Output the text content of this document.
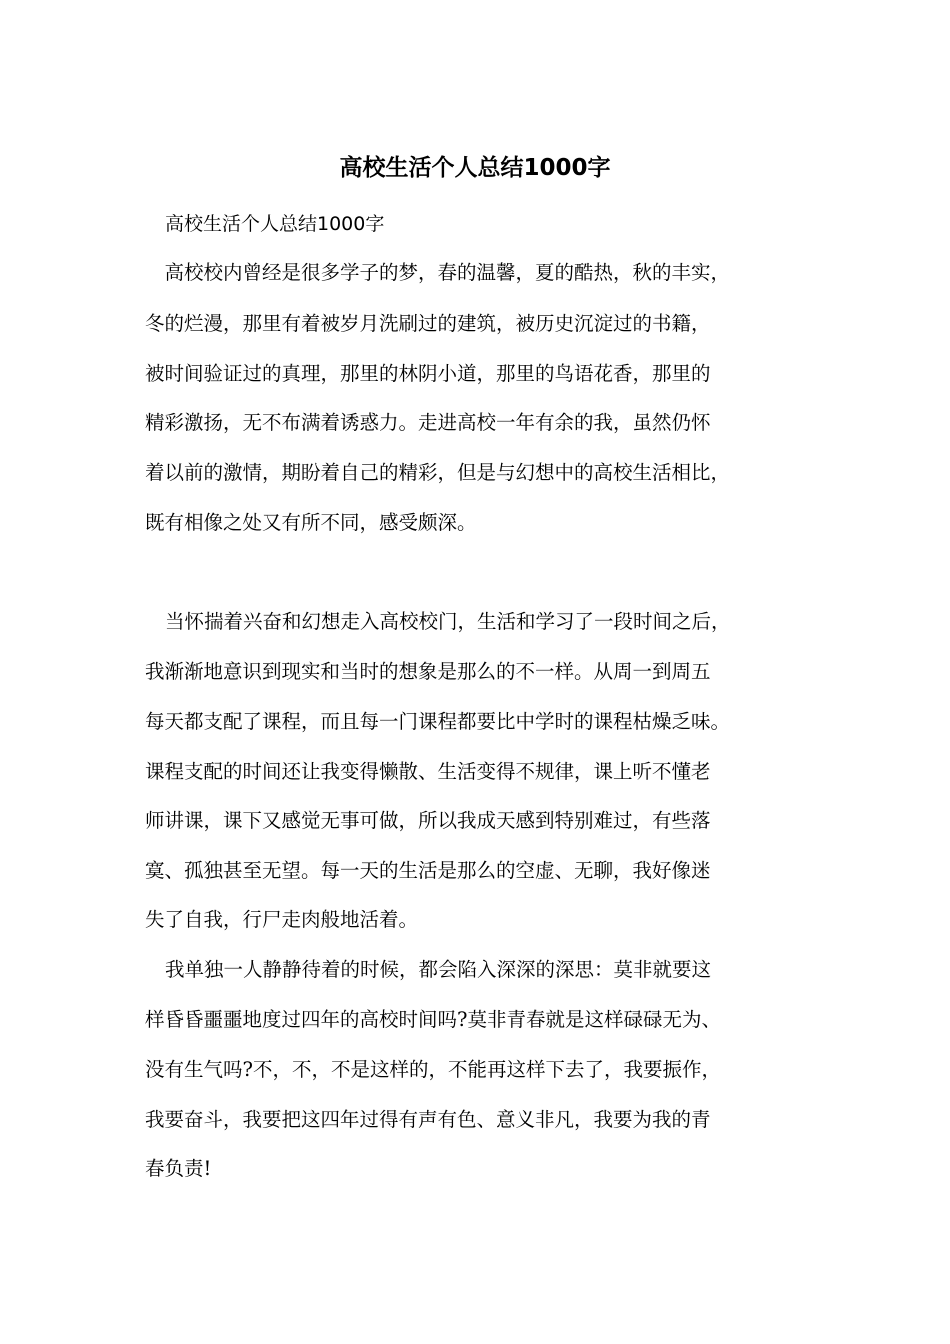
高校生活个人总结1000字

高校生活个人总结1000字

　高校校内曾经是很多学子的梦，春的温馨，夏的酷热，秋的丰实，

冬的烂漫，那里有着被岁月洗刷过的建筑，被历史沉淀过的书籍，

被时间验证过的真理，那里的林阴小道，那里的鸟语花香，那里的

精彩激扬，无不布满着诱惑力。走进高校一年有余的我，虽然仍怀

着以前的激情，期盼着自己的精彩，但是与幻想中的高校生活相比，

既有相像之处又有所不同，感受颇深。

当怀揣着兴奋和幻想走入高校校门，生活和学习了一段时间之后，

我渐渐地意识到现实和当时的想象是那么的不一样。从周一到周五

每天都支配了课程，而且每一门课程都要比中学时的课程枯燥乏味。

课程支配的时间还让我变得懒散、生活变得不规律，课上听不懂老

师讲课，课下又感觉无事可做，所以我成天感到特别难过，有些落

寞、孤独甚至无望。每一天的生活是那么的空虚、无聊，我好像迷

失了自我，行尸走肉般地活着。

我单独一人静静待着的时候，都会陷入深深的深思：莫非就要这

样昏昏噩噩地度过四年的高校时间吗?莫非青春就是这样碌碌无为、

没有生气吗?不，不，不是这样的，不能再这样下去了，我要振作，

我要奋斗，我要把这四年过得有声有色、意义非凡，我要为我的青

春负责!
